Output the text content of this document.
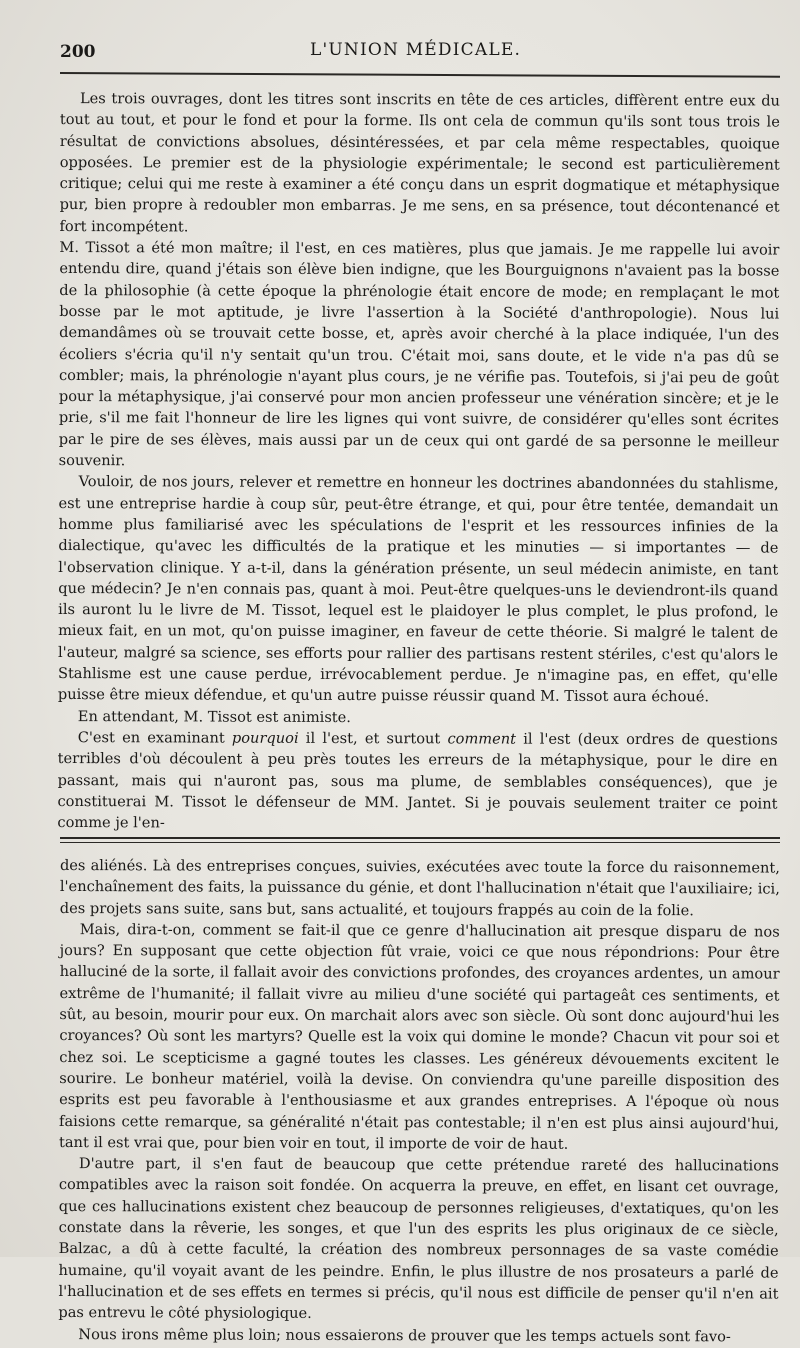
200	L'UNION MÉDICALE.

Les trois ouvrages, dont les titres sont inscrits en tête de ces articles, diffèrent entre eux du tout au tout, et pour le fond et pour la forme. Ils ont cela de commun qu'ils sont tous trois le résultat de convictions absolues, désintéressées, et par cela même respectables, quoique opposées. Le premier est de la physiologie expérimentale; le second est particulièrement critique; celui qui me reste à examiner a été conçu dans un esprit dogmatique et métaphysique pur, bien propre à redoubler mon embarras. Je me sens, en sa présence, tout décontenancé et fort incompétent.

M. Tissot a été mon maître; il l'est, en ces matières, plus que jamais. Je me rappelle lui avoir entendu dire, quand j'étais son élève bien indigne, que les Bourguignons n'avaient pas la bosse de la philosophie (à cette époque la phrénologie était encore de mode; en remplaçant le mot bosse par le mot aptitude, je livre l'assertion à la Société d'anthropologie). Nous lui demandâmes où se trouvait cette bosse, et, après avoir cherché à la place indiquée, l'un des écoliers s'écria qu'il n'y sentait qu'un trou. C'était moi, sans doute, et le vide n'a pas dû se combler; mais, la phrénologie n'ayant plus cours, je ne vérifie pas. Toutefois, si j'ai peu de goût pour la métaphysique, j'ai conservé pour mon ancien professeur une vénération sincère; et je le prie, s'il me fait l'honneur de lire les lignes qui vont suivre, de considérer qu'elles sont écrites par le pire de ses élèves, mais aussi par un de ceux qui ont gardé de sa personne le meilleur souvenir.

Vouloir, de nos jours, relever et remettre en honneur les doctrines abandonnées du stahlisme, est une entreprise hardie à coup sûr, peut-être étrange, et qui, pour être tentée, demandait un homme plus familiarisé avec les spéculations de l'esprit et les ressources infinies de la dialectique, qu'avec les difficultés de la pratique et les minuties — si importantes — de l'observation clinique. Y a-t-il, dans la génération présente, un seul médecin animiste, en tant que médecin? Je n'en connais pas, quant à moi. Peut-être quelques-uns le deviendront-ils quand ils auront lu le livre de M. Tissot, lequel est le plaidoyer le plus complet, le plus profond, le mieux fait, en un mot, qu'on puisse imaginer, en faveur de cette théorie. Si malgré le talent de l'auteur, malgré sa science, ses efforts pour rallier des partisans restent stériles, c'est qu'alors le Stahlisme est une cause perdue, irrévocablement perdue. Je n'imagine pas, en effet, qu'elle puisse être mieux défendue, et qu'un autre puisse réussir quand M. Tissot aura échoué.

En attendant, M. Tissot est animiste.

C'est en examinant pourquoi il l'est, et surtout comment il l'est (deux ordres de questions terribles d'où découlent à peu près toutes les erreurs de la métaphysique, pour le dire en passant, mais qui n'auront pas, sous ma plume, de semblables conséquences), que je constituerai M. Tissot le défenseur de MM. Jantet. Si je pouvais seulement traiter ce point comme je l'en-

des aliénés. Là des entreprises conçues, suivies, exécutées avec toute la force du raisonnement, l'enchaînement des faits, la puissance du génie, et dont l'hallucination n'était que l'auxiliaire; ici, des projets sans suite, sans but, sans actualité, et toujours frappés au coin de la folie.

Mais, dira-t-on, comment se fait-il que ce genre d'hallucination ait presque disparu de nos jours? En supposant que cette objection fût vraie, voici ce que nous répondrions: Pour être halluciné de la sorte, il fallait avoir des convictions profondes, des croyances ardentes, un amour extrême de l'humanité; il fallait vivre au milieu d'une société qui partageât ces sentiments, et sût, au besoin, mourir pour eux. On marchait alors avec son siècle. Où sont donc aujourd'hui les croyances? Où sont les martyrs? Quelle est la voix qui domine le monde? Chacun vit pour soi et chez soi. Le scepticisme a gagné toutes les classes. Les généreux dévouements excitent le sourire. Le bonheur matériel, voilà la devise. On conviendra qu'une pareille disposition des esprits est peu favorable à l'enthousiasme et aux grandes entreprises. A l'époque où nous faisions cette remarque, sa généralité n'était pas contestable; il n'en est plus ainsi aujourd'hui, tant il est vrai que, pour bien voir en tout, il importe de voir de haut.

D'autre part, il s'en faut de beaucoup que cette prétendue rareté des hallucinations compatibles avec la raison soit fondée. On acquerra la preuve, en effet, en lisant cet ouvrage, que ces hallucinations existent chez beaucoup de personnes religieuses, d'extatiques, qu'on les constate dans la rêverie, les songes, et que l'un des esprits les plus originaux de ce siècle, Balzac, a dû à cette faculté, la création des nombreux personnages de sa vaste comédie humaine, qu'il voyait avant de les peindre. Enfin, le plus illustre de nos prosateurs a parlé de l'hallucination et de ses effets en termes si précis, qu'il nous est difficile de penser qu'il n'en ait pas entrevu le côté physiologique.

Nous irons même plus loin; nous essaierons de prouver que les temps actuels sont favo-
